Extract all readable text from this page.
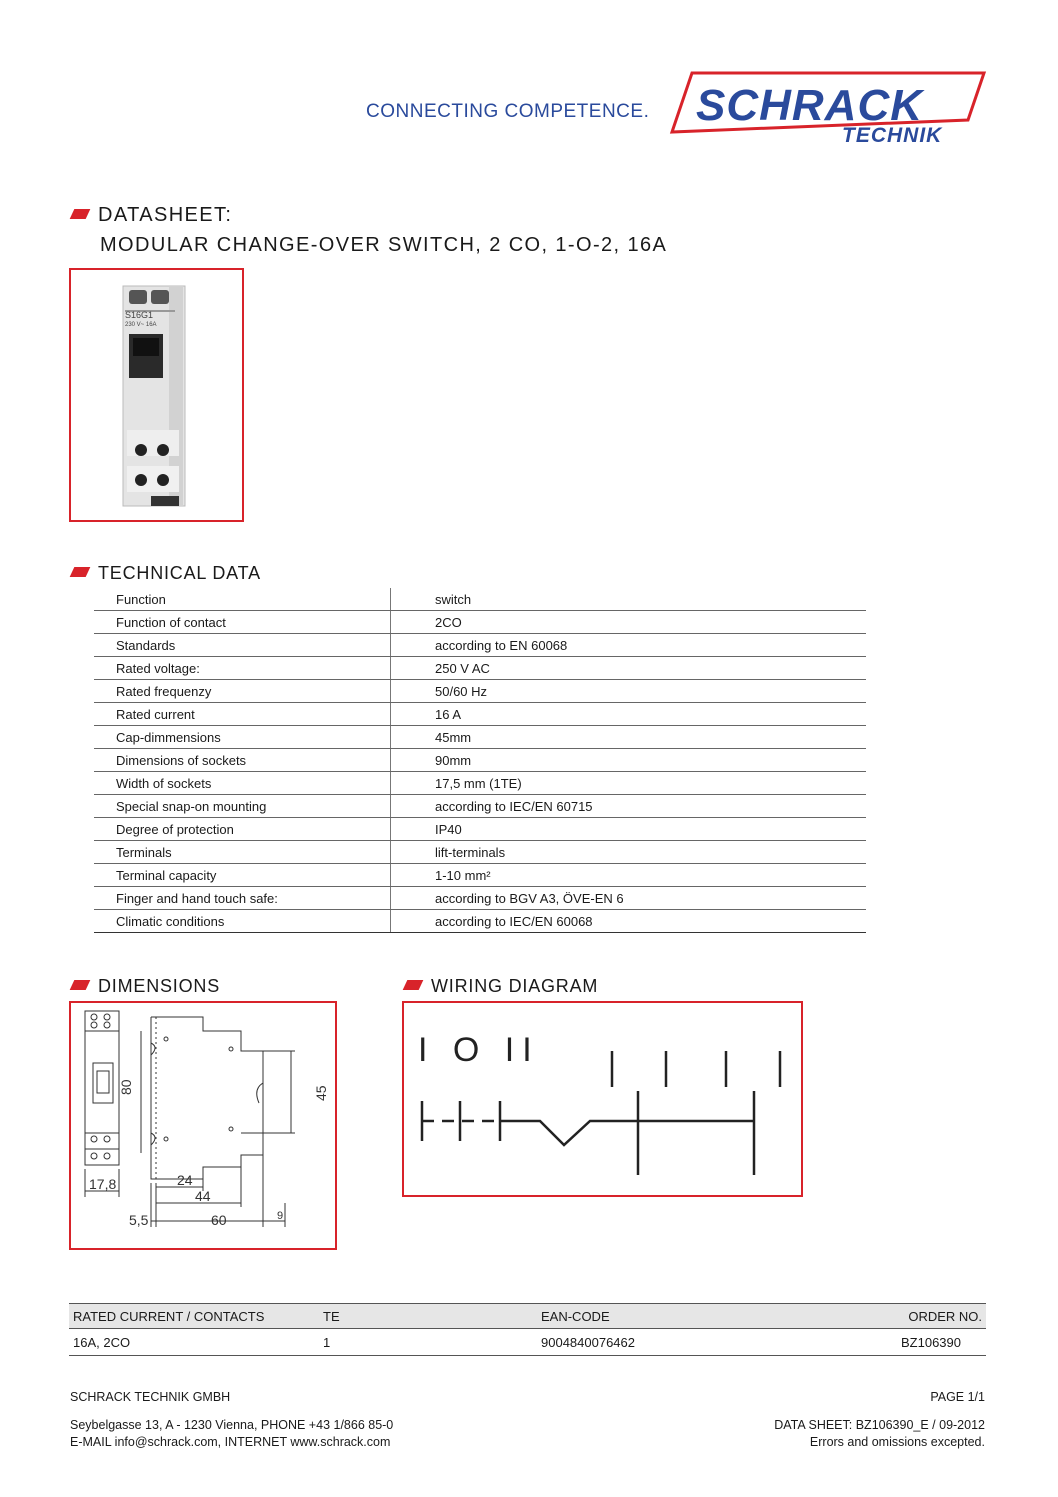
CONNECTING COMPETENCE. SCHRACK
TECHNIK
DATASHEET:
MODULAR CHANGE-OVER SWITCH, 2 CO, 1-O-2, 16A
S16G1
230 V~ 16A
TECHNICAL DATA
Function	switch
Function of contact	2CO
Standards	according to EN 60068
Rated voltage:	250 V AC
Rated frequenzy	50/60 Hz
Rated current	16 A
Cap-dimmensions	45mm
Dimensions of sockets	90mm
Width of sockets	17,5 mm (1TE)
Special snap-on mounting	according to IEC/EN 60715
Degree of protection	IP40
Terminals	lift-terminals
Terminal capacity	1-10 mm²
Finger and hand touch safe:	according to BGV A3, ÖVE-EN 6
Climatic conditions	according to IEC/EN 60068
DIMENSIONS
80	45
17,8	24
44
5,5	60	9
WIRING DIAGRAM
I O II
RATED CURRENT / CONTACTS	TE	EAN-CODE	ORDER NO.
16A, 2CO	1	9004840076462	BZ106390
SCHRACK TECHNIK GMBH	PAGE 1/1
Seybelgasse 13, A - 1230 Vienna, PHONE +43 1/866 85-0
E-MAIL info@schrack.com, INTERNET www.schrack.com
DATA SHEET: BZ106390_E / 09-2012
Errors and omissions excepted.
